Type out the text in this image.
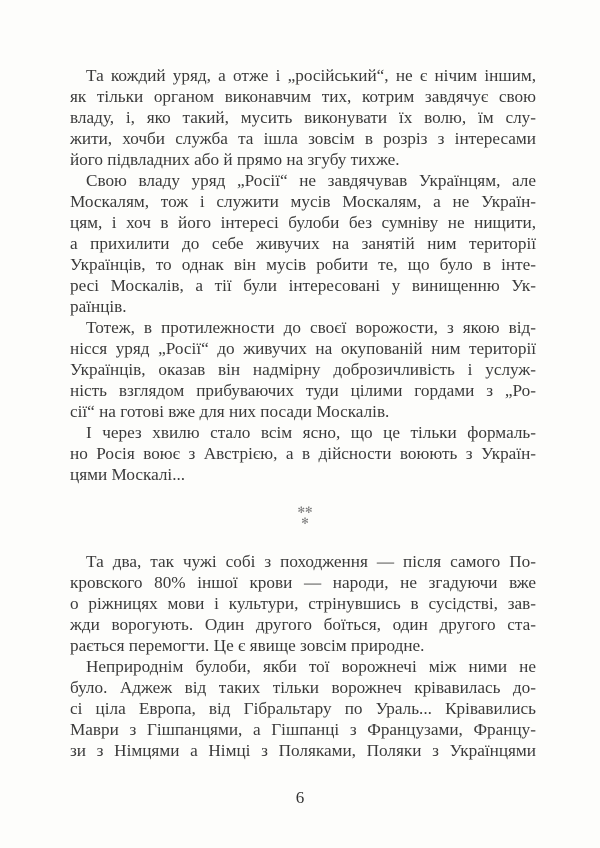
Та кождий уряд, а отже і „російський“, не є нічим іншим,
як тільки органом виконавчим тих, котрим завдячує свою
владу, і, яко такий, мусить виконувати їх волю, їм слу-
жити, хочби служба та ішла зовсім в розріз з інтересами
його підвладних або й прямо на згубу тихже.
Свою владу уряд „Росії“ не завдячував Українцям, але
Москалям, тож і служити мусів Москалям, а не Україн-
цям, і хоч в його інтересі булоби без сумніву не нищити,
а прихилити до себе живучих на занятій ним території
Українців, то однак він мусів робити те, що було в інте-
ресі Москалів, а тії були інтересовані у винищенню Ук-
раїнців.
Тотеж, в протилежности до своєї ворожости, з якою від-
нісся уряд „Росії“ до живучих на окупованій ним території
Українців, оказав він надмірну доброзичливість і услуж-
ність взглядом прибуваючих туди цілими гордами з „Ро-
сії“ на готові вже для них посади Москалів.
І через хвилю стало всім ясно, що це тільки формаль-
но Росія воює з Австрією, а в дійсности воюють з Україн-
цями Москалі...
✻✻
✻
Та два, так чужі собі з походження — після самого По-
кровского 80% іншої крови — народи, не згадуючи вже
о ріжницях мови і культури, стрінувшись в сусідстві, зав-
жди ворогують. Один другого боїться, один другого ста-
рається перемогти. Це є явище зовсім природне.
Неприроднім булоби, якби тої ворожнечі між ними не
було. Аджеж від таких тільки ворожнеч крівавилась до-
сі ціла Европа, від Гібральтару по Ураль... Крівавились
Маври з Гішпанцями, а Гішпанці з Французами, Францу-
зи з Німцями а Німці з Поляками, Поляки з Українцями
6
